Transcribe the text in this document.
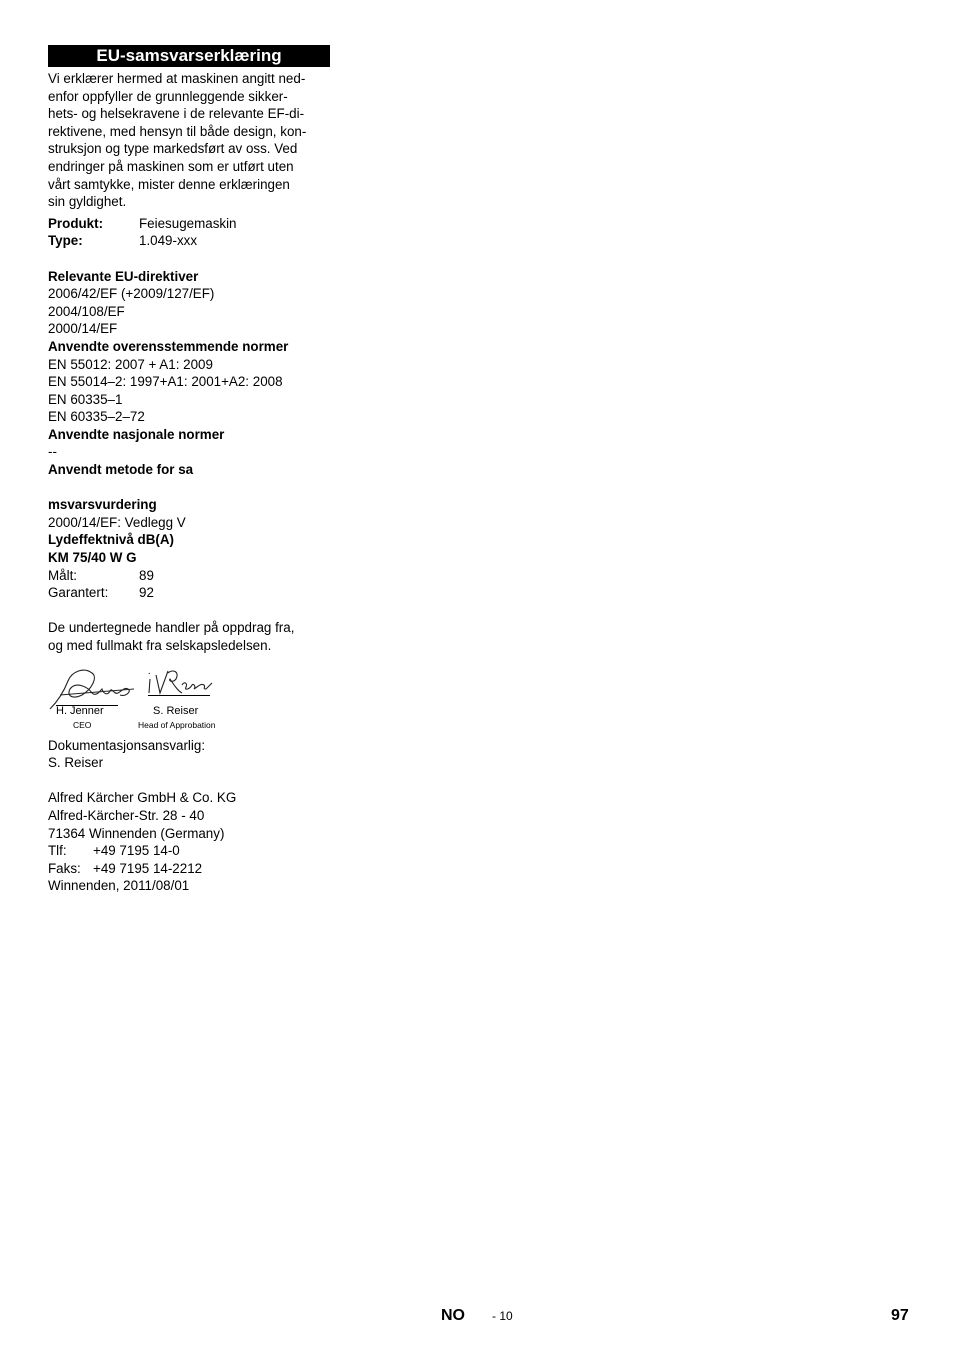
EU-samsvarserklæring
Vi erklærer hermed at maskinen angitt ned-
enfor oppfyller de grunnleggende sikker-
hets- og helsekravene i de relevante EF-di-
rektivene, med hensyn til både design, kon-
struksjon og type markedsført av oss. Ved
endringer på maskinen som er utført uten
vårt samtykke, mister denne erklæringen
sin gyldighet.
Produkt:	Feiesugemaskin
Type:	1.049-xxx
Relevante EU-direktiver
2006/42/EF (+2009/127/EF)
2004/108/EF
2000/14/EF
Anvendte overensstemmende normer
EN 55012: 2007 + A1: 2009
EN 55014–2: 1997+A1: 2001+A2: 2008
EN 60335–1
EN 60335–2–72
Anvendte nasjonale normer
--
Anvendt metode for sa
msvarsvurdering
2000/14/EF: Vedlegg V
Lydeffektnivå dB(A)
KM 75/40 W G
Målt:	89
Garantert:	92
De undertegnede handler på oppdrag fra,
og med fullmakt fra selskapsledelsen.
H. Jenner
CEO
S. Reiser
Head of Approbation
Dokumentasjonsansvarlig:
S. Reiser
Alfred Kärcher GmbH & Co. KG
Alfred-Kärcher-Str. 28 - 40
71364 Winnenden (Germany)
Tlf:	+49 7195 14-0
Faks: +49 7195 14-2212
Winnenden, 2011/08/01
NO - 10	97
